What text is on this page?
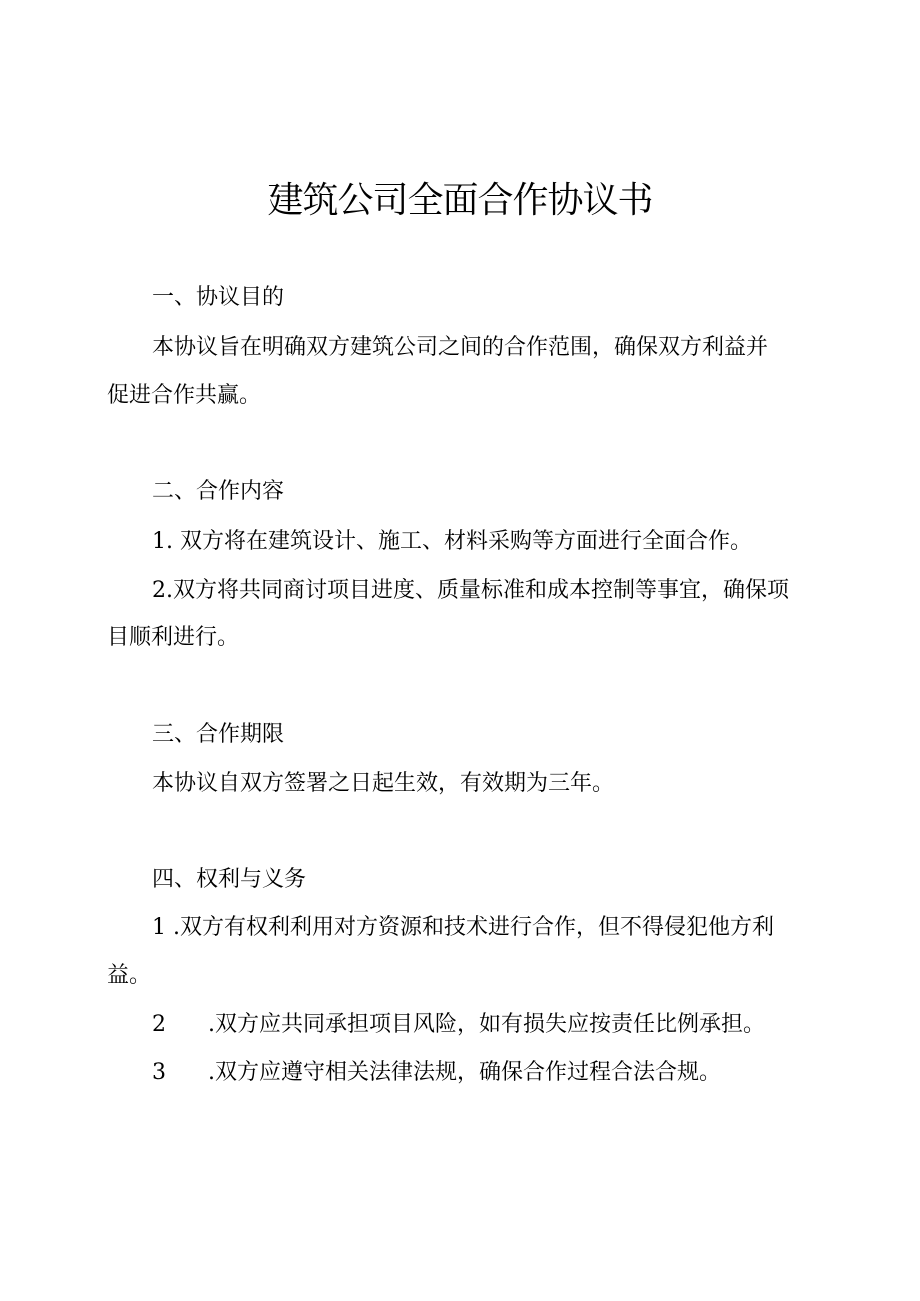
建筑公司全面合作协议书
一、协议目的
本协议旨在明确双方建筑公司之间的合作范围，确保双方利益并
促进合作共赢。
二、合作内容
1. 双方将在建筑设计、施工、材料采购等方面进行全面合作。
2.双方将共同商讨项目进度、质量标准和成本控制等事宜，确保项
目顺利进行。
三、合作期限
本协议自双方签署之日起生效，有效期为三年。
四、权利与义务
1 .双方有权利利用对方资源和技术进行合作，但不得侵犯他方利
益。
2 .双方应共同承担项目风险，如有损失应按责任比例承担。
3 .双方应遵守相关法律法规，确保合作过程合法合规。
